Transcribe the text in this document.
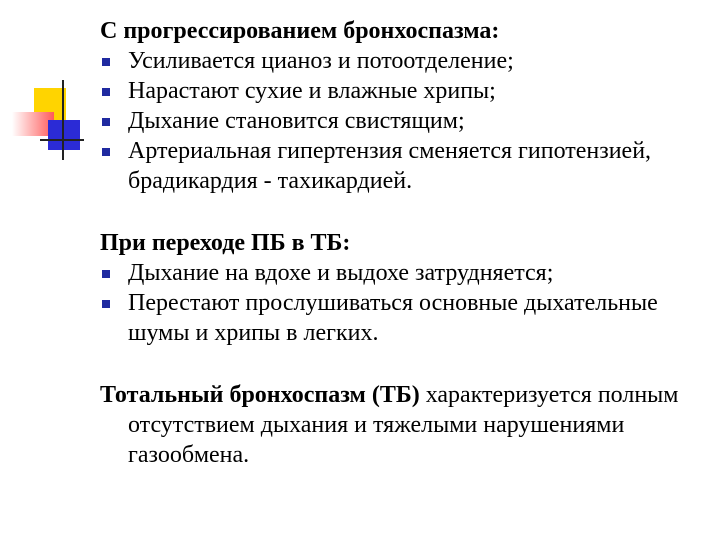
С прогрессированием бронхоспазма:

Усиливается цианоз и потоотделение;
Нарастают сухие и влажные хрипы;
Дыхание становится свистящим;
Артериальная гипертензия сменяется гипотензией, брадикардия - тахикардией.

При переходе ПБ в ТБ:

Дыхание на вдохе и выдохе затрудняется;
Перестают прослушиваться основные дыхательные шумы и хрипы в легких.

Тотальный бронхоспазм (ТБ) характеризуется полным отсутствием дыхания и тяжелыми нарушениями газообмена.
